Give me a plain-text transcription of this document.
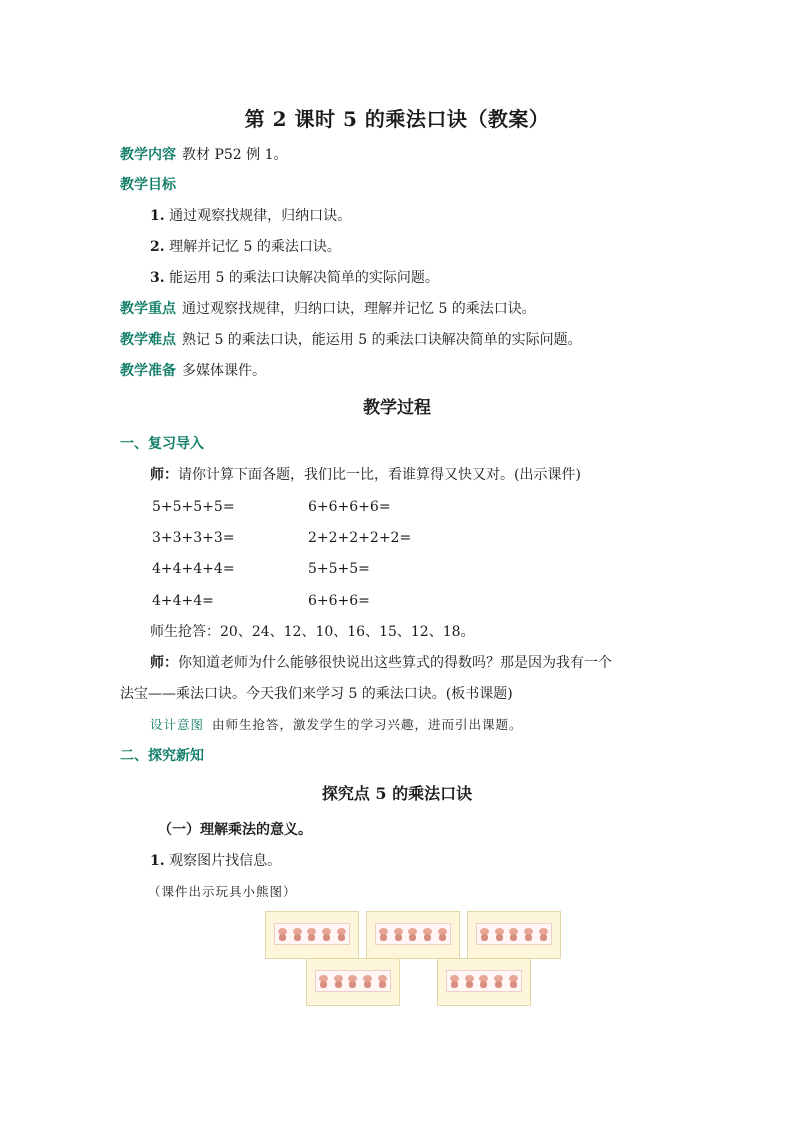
第 2 课时 5 的乘法口诀（教案）
教学内容 教材 P52 例 1。
教学目标
1. 通过观察找规律，归纳口诀。
2. 理解并记忆 5 的乘法口诀。
3. 能运用 5 的乘法口诀解决简单的实际问题。
教学重点 通过观察找规律，归纳口诀，理解并记忆 5 的乘法口诀。
教学难点 熟记 5 的乘法口诀，能运用 5 的乘法口诀解决简单的实际问题。
教学准备 多媒体课件。
教学过程
一、复习导入
师：请你计算下面各题，我们比一比，看谁算得又快又对。(出示课件)
5+5+5+5=	6+6+6+6=
3+3+3+3=	2+2+2+2+2=
4+4+4+4=	5+5+5=
4+4+4=	6+6+6=
师生抢答：20、24、12、10、16、15、12、18。
师：你知道老师为什么能够很快说出这些算式的得数吗？那是因为我有一个
法宝——乘法口诀。今天我们来学习 5 的乘法口诀。(板书课题)
设计意图 由师生抢答，激发学生的学习兴趣，进而引出课题。
二、探究新知
探究点 5 的乘法口诀
（一）理解乘法的意义。
1. 观察图片找信息。
（课件出示玩具小熊图）
